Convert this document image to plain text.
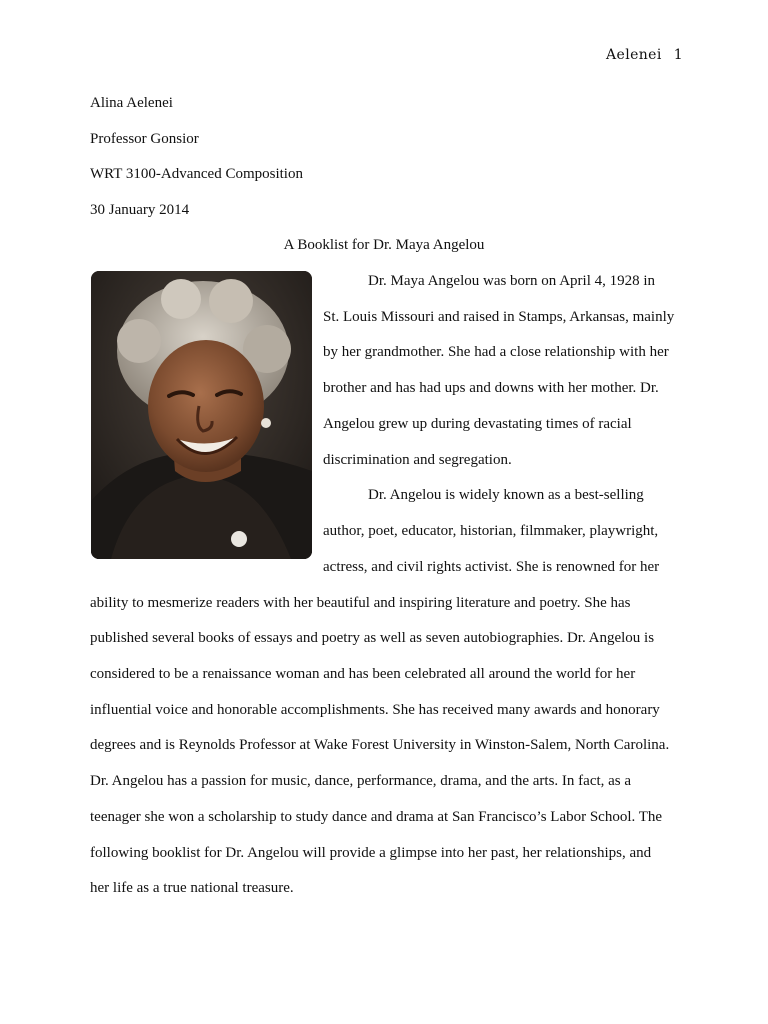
Aelenei 1
Alina Aelenei
Professor Gonsior
WRT 3100-Advanced Composition
30 January 2014
A Booklist for Dr. Maya Angelou
Dr. Maya Angelou was born on April 4, 1928 in
St. Louis Missouri and raised in Stamps, Arkansas, mainly
by her grandmother. She had a close relationship with her
brother and has had ups and downs with her mother. Dr.
Angelou grew up during devastating times of racial
discrimination and segregation.
Dr. Angelou is widely known as a best-selling
author, poet, educator, historian, filmmaker, playwright,
actress, and civil rights activist. She is renowned for her
ability to mesmerize readers with her beautiful and inspiring literature and poetry. She has
published several books of essays and poetry as well as seven autobiographies. Dr. Angelou is
considered to be a renaissance woman and has been celebrated all around the world for her
influential voice and honorable accomplishments. She has received many awards and honorary
degrees and is Reynolds Professor at Wake Forest University in Winston-Salem, North Carolina.
Dr. Angelou has a passion for music, dance, performance, drama, and the arts. In fact, as a
teenager she won a scholarship to study dance and drama at San Francisco’s Labor School. The
following booklist for Dr. Angelou will provide a glimpse into her past, her relationships, and
her life as a true national treasure.
